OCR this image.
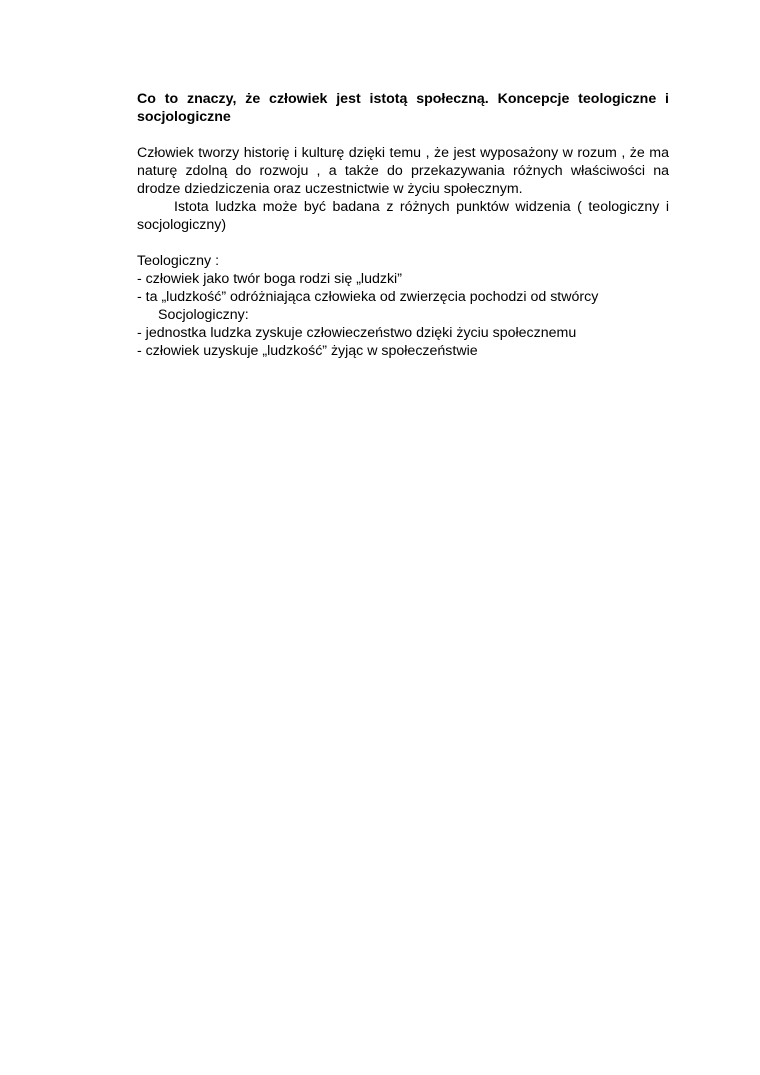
Co to znaczy, że człowiek jest istotą społeczną. Koncepcje teologiczne i socjologiczne

Człowiek tworzy historię i kulturę dzięki temu , że jest wyposażony w rozum , że ma naturę zdolną do rozwoju , a także do przekazywania różnych właściwości na drodze dziedziczenia oraz uczestnictwie w życiu społecznym.

Istota ludzka może być badana z różnych punktów widzenia ( teologiczny i socjologiczny)

Teologiczny :
- człowiek jako twór boga rodzi się „ludzki”
- ta „ludzkość” odróżniająca człowieka od zwierzęcia pochodzi od stwórcy
Socjologiczny:
- jednostka ludzka zyskuje człowieczeństwo dzięki życiu społecznemu
- człowiek uzyskuje „ludzkość” żyjąc w społeczeństwie
